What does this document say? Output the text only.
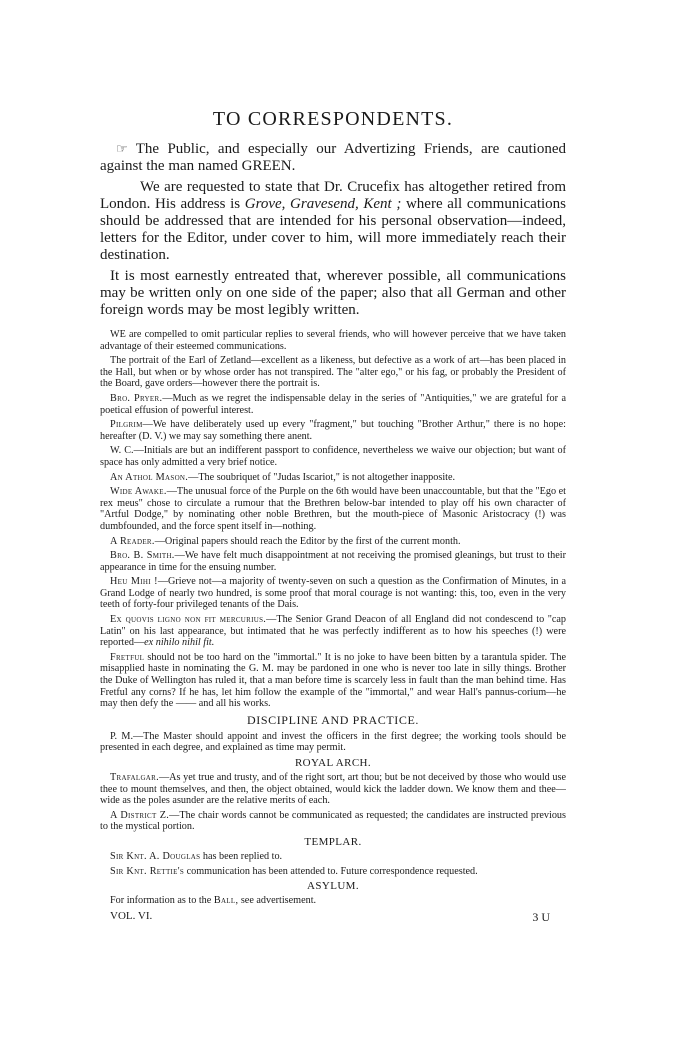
TO CORRESPONDENTS.

☞ The Public, and especially our Advertizing Friends, are cautioned against the man named GREEN.

We are requested to state that Dr. Crucefix has altogether retired from London. His address is Grove, Gravesend, Kent ; where all communications should be addressed that are intended for his personal observation—indeed, letters for the Editor, under cover to him, will more immediately reach their destination.

It is most earnestly entreated that, wherever possible, all communications may be written only on one side of the paper; also that all German and other foreign words may be most legibly written.

WE are compelled to omit particular replies to several friends, who will however perceive that we have taken advantage of their esteemed communications.

The portrait of the Earl of Zetland—excellent as a likeness, but defective as a work of art—has been placed in the Hall, but when or by whose order has not transpired. The "alter ego," or his fag, or probably the President of the Board, gave orders—however there the portrait is.

Bro. Pryer.—Much as we regret the indispensable delay in the series of "Antiquities," we are grateful for a poetical effusion of powerful interest.

Pilgrim—We have deliberately used up every "fragment," but touching "Brother Arthur," there is no hope: hereafter (D. V.) we may say something there anent.

W. C.—Initials are but an indifferent passport to confidence, nevertheless we waive our objection; but want of space has only admitted a very brief notice.

An Athol Mason.—The soubriquet of "Judas Iscariot," is not altogether inapposite.

Wide Awake.—The unusual force of the Purple on the 6th would have been unaccountable, but that the "Ego et rex meus" chose to circulate a rumour that the Brethren below-bar intended to play off his own character of "Artful Dodge," by nominating other noble Brethren, but the mouth-piece of Masonic Aristocracy (!) was dumbfounded, and the force spent itself in—nothing.

A Reader.—Original papers should reach the Editor by the first of the current month.

Bro. B. Smith.—We have felt much disappointment at not receiving the promised gleanings, but trust to their appearance in time for the ensuing number.

Heu Mihi !—Grieve not—a majority of twenty-seven on such a question as the Confirmation of Minutes, in a Grand Lodge of nearly two hundred, is some proof that moral courage is not wanting: this, too, even in the very teeth of forty-four privileged tenants of the Dais.

Ex quovis ligno non fit mercurius.—The Senior Grand Deacon of all England did not condescend to "cap Latin" on his last appearance, but intimated that he was perfectly indifferent as to how his speeches (!) were reported—ex nihilo nihil fit.

Fretful should not be too hard on the "immortal." It is no joke to have been bitten by a tarantula spider. The misapplied haste in nominating the G. M. may be pardoned in one who is never too late in silly things. Brother the Duke of Wellington has ruled it, that a man before time is scarcely less in fault than the man behind time. Has Fretful any corns? If he has, let him follow the example of the "immortal," and wear Hall's pannus-corium—he may then defy the —— and all his works.

DISCIPLINE AND PRACTICE.

P. M.—The Master should appoint and invest the officers in the first degree; the working tools should be presented in each degree, and explained as time may permit.

ROYAL ARCH.

Trafalgar.—As yet true and trusty, and of the right sort, art thou; but be not deceived by those who would use thee to mount themselves, and then, the object obtained, would kick the ladder down. We know them and thee—wide as the poles asunder are the relative merits of each.

A District Z.—The chair words cannot be communicated as requested; the candidates are instructed previous to the mystical portion.

TEMPLAR.

Sir Knt. A. Douglas has been replied to.

Sir Knt. Rettie's communication has been attended to. Future correspondence requested.

ASYLUM.

For information as to the Ball, see advertisement.

VOL. VI.	3 U
